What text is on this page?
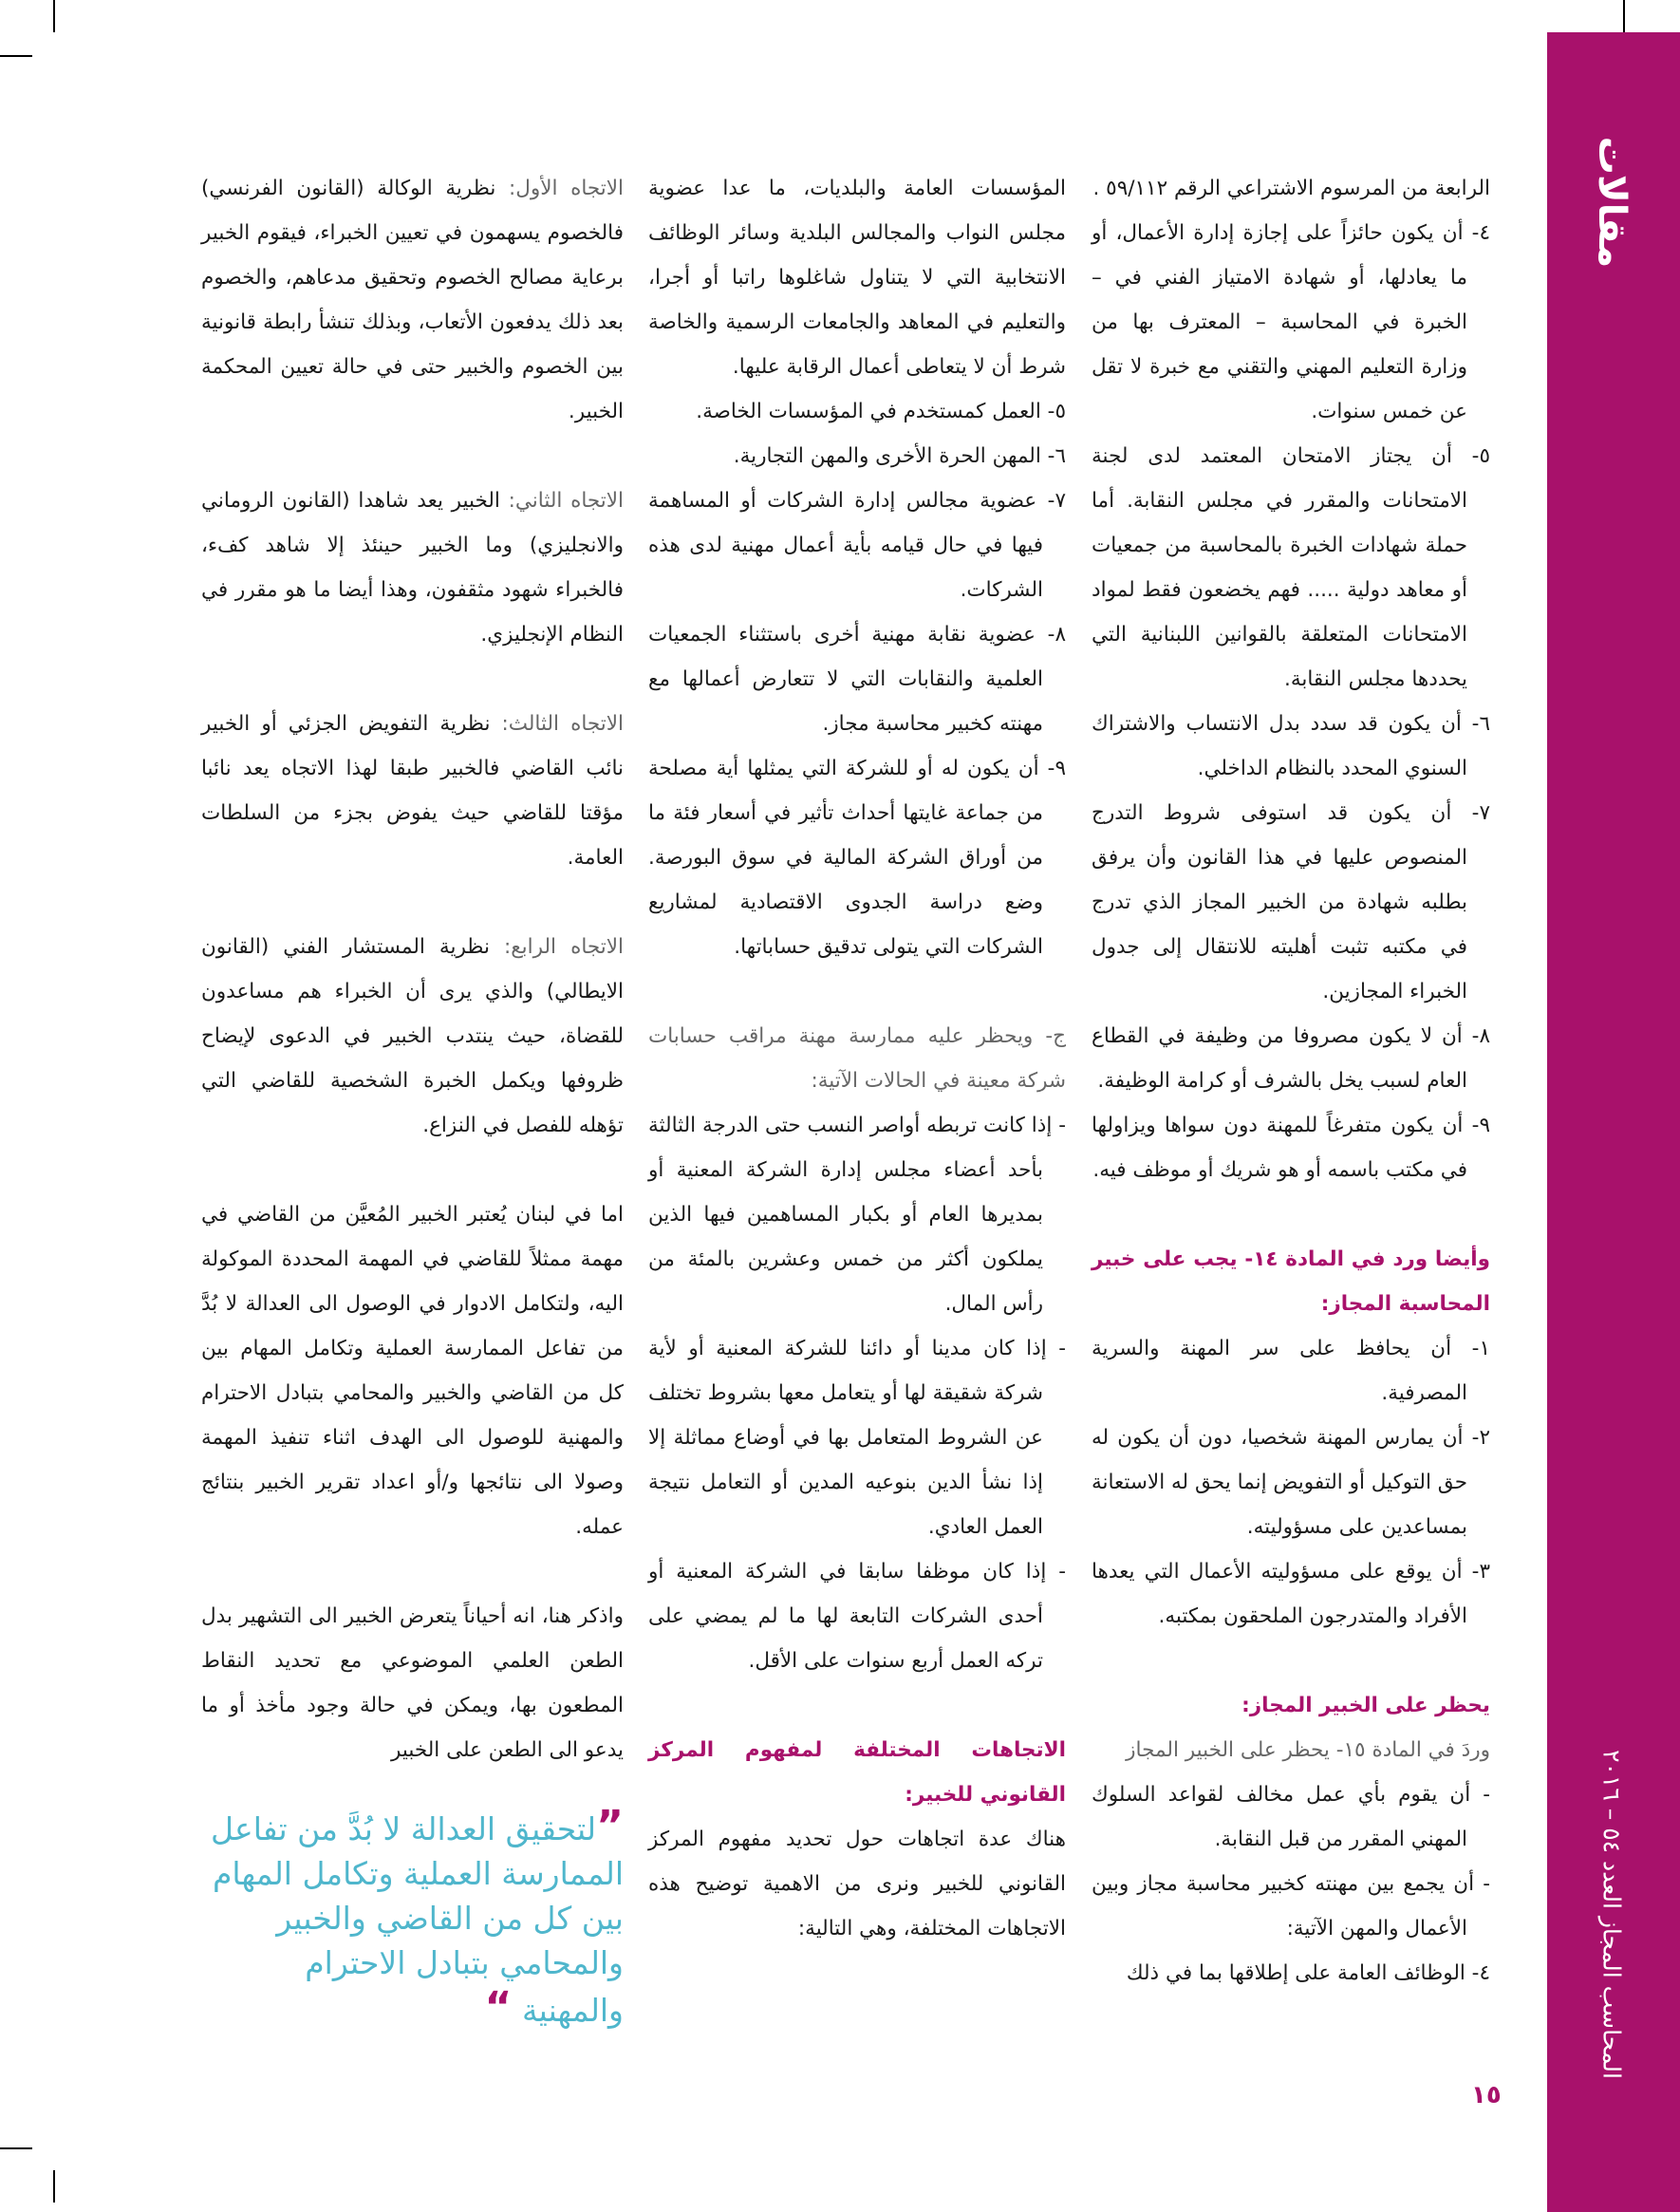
مقالات
المحاسب المجاز العدد ٥٤ – ٢٠١٦
١٥

الرابعة من المرسوم الاشتراعي الرقم ٥٩/١١٢ .

٤- أن يكون حائزاً على إجازة إدارة الأعمال، أو ما يعادلها، أو شهادة الامتياز الفني في – الخبرة في المحاسبة – المعترف بها من وزارة التعليم المهني والتقني مع خبرة لا تقل عن خمس سنوات.

٥- أن يجتاز الامتحان المعتمد لدى لجنة الامتحانات والمقرر في مجلس النقابة. أما حملة شهادات الخبرة بالمحاسبة من جمعيات أو معاهد دولية ..... فهم يخضعون فقط لمواد الامتحانات المتعلقة بالقوانين اللبنانية التي يحددها مجلس النقابة.

٦- أن يكون قد سدد بدل الانتساب والاشتراك السنوي المحدد بالنظام الداخلي.

٧- أن يكون قد استوفى شروط التدرج المنصوص عليها في هذا القانون وأن يرفق بطلبه شهادة من الخبير المجاز الذي تدرج في مكتبه تثبت أهليته للانتقال إلى جدول الخبراء المجازين.

٨- أن لا يكون مصروفا من وظيفة في القطاع العام لسبب يخل بالشرف أو كرامة الوظيفة.

٩- أن يكون متفرغاً للمهنة دون سواها ويزاولها في مكتب باسمه أو هو شريك أو موظف فيه.

وأيضا ورد في المادة ١٤- يجب على خبير المحاسبة المجاز:

١- أن يحافظ على سر المهنة والسرية المصرفية.

٢- أن يمارس المهنة شخصيا، دون أن يكون له حق التوكيل أو التفويض إنما يحق له الاستعانة بمساعدين على مسؤوليته.

٣- أن يوقع على مسؤوليته الأعمال التي يعدها الأفراد والمتدرجون الملحقون بمكتبه.

يحظر على الخبير المجاز:

وردَ في المادة ١٥- يحظر على الخبير المجاز

- أن يقوم بأي عمل مخالف لقواعد السلوك المهني المقرر من قبل النقابة.

- أن يجمع بين مهنته كخبير محاسبة مجاز وبين الأعمال والمهن الآتية:

٤- الوظائف العامة على إطلاقها بما في ذلك

المؤسسات العامة والبلديات، ما عدا عضوية مجلس النواب والمجالس البلدية وسائر الوظائف الانتخابية التي لا يتناول شاغلوها راتبا أو أجرا، والتعليم في المعاهد والجامعات الرسمية والخاصة شرط أن لا يتعاطى أعمال الرقابة عليها.

٥- العمل كمستخدم في المؤسسات الخاصة.

٦- المهن الحرة الأخرى والمهن التجارية.

٧- عضوية مجالس إدارة الشركات أو المساهمة فيها في حال قيامه بأية أعمال مهنية لدى هذه الشركات.

٨- عضوية نقابة مهنية أخرى باستثناء الجمعيات العلمية والنقابات التي لا تتعارض أعمالها مع مهنته كخبير محاسبة مجاز.

٩- أن يكون له أو للشركة التي يمثلها أية مصلحة من جماعة غايتها أحداث تأثير في أسعار فئة ما من أوراق الشركة المالية في سوق البورصة. وضع دراسة الجدوى الاقتصادية لمشاريع الشركات التي يتولى تدقيق حساباتها.

ج- ويحظر عليه ممارسة مهنة مراقب حسابات شركة معينة في الحالات الآتية:

- إذا كانت تربطه أواصر النسب حتى الدرجة الثالثة بأحد أعضاء مجلس إدارة الشركة المعنية أو بمديرها العام أو بكبار المساهمين فيها الذين يملكون أكثر من خمس وعشرين بالمئة من رأس المال.

- إذا كان مدينا أو دائنا للشركة المعنية أو لأية شركة شقيقة لها أو يتعامل معها بشروط تختلف عن الشروط المتعامل بها في أوضاع مماثلة إلا إذا نشأ الدين بنوعيه المدين أو التعامل نتيجة العمل العادي.

- إذا كان موظفا سابقا في الشركة المعنية أو أحدى الشركات التابعة لها ما لم يمضي على تركه العمل أربع سنوات على الأقل.

الاتجاهات المختلفة لمفهوم المركز القانوني للخبير:

هناك عدة اتجاهات حول تحديد مفهوم المركز القانوني للخبير ونرى من الاهمية توضيح هذه الاتجاهات المختلفة، وهي التالية:

الاتجاه الأول: نظرية الوكالة (القانون الفرنسي) فالخصوم يسهمون في تعيين الخبراء، فيقوم الخبير برعاية مصالح الخصوم وتحقيق مدعاهم، والخصوم بعد ذلك يدفعون الأتعاب، وبذلك تنشأ رابطة قانونية بين الخصوم والخبير حتى في حالة تعيين المحكمة الخبير.

الاتجاه الثاني: الخبير يعد شاهدا (القانون الروماني والانجليزي) وما الخبير حينئذ إلا شاهد كفء، فالخبراء شهود مثقفون، وهذا أيضا ما هو مقرر في النظام الإنجليزي.

الاتجاه الثالث: نظرية التفويض الجزئي أو الخبير نائب القاضي فالخبير طبقا لهذا الاتجاه يعد نائبا مؤقتا للقاضي حيث يفوض بجزء من السلطات العامة.

الاتجاه الرابع: نظرية المستشار الفني (القانون الايطالي) والذي يرى أن الخبراء هم مساعدون للقضاة، حيث ينتدب الخبير في الدعوى لإيضاح ظروفها ويكمل الخبرة الشخصية للقاضي التي تؤهله للفصل في النزاع.

اما في لبنان يُعتبر الخبير المُعيَّن من القاضي في مهمة ممثلاً للقاضي في المهمة المحددة الموكولة اليه، ولتكامل الادوار في الوصول الى العدالة لا بُدَّ من تفاعل الممارسة العملية وتكامل المهام بين كل من القاضي والخبير والمحامي بتبادل الاحترام والمهنية للوصول الى الهدف اثناء تنفيذ المهمة وصولا الى نتائجها و/أو اعداد تقرير الخبير بنتائج عمله.

واذكر هنا، انه أحياناً يتعرض الخبير الى التشهير بدل الطعن العلمي الموضوعي مع تحديد النقاط المطعون بها، ويمكن في حالة وجود مأخذ أو ما يدعو الى الطعن على الخبير

”لتحقيق العدالة لا بُدَّ من تفاعل الممارسة العملية وتكامل المهام بين كل من القاضي والخبير والمحامي بتبادل الاحترام والمهنية “
